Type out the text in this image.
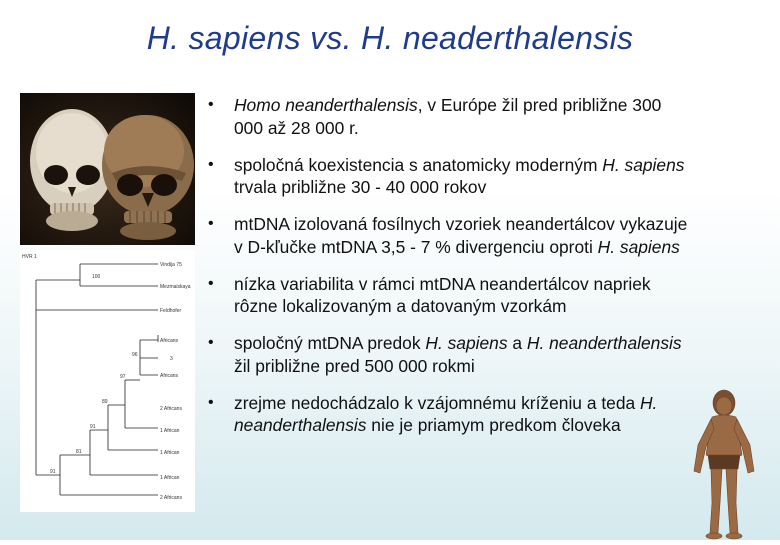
H. sapiens vs. H. neaderthalensis
HVR 1
Vindija 75
Mezmaiskaya
Feldhofer
Africans
3
Africans
2 Africans
1 African
1 African
1 African
2 Africans
100
96
97
89
91
81
91
• Homo neanderthalensis, v Európe žil pred približne 300 000 až 28 000 r.
• spoločná koexistencia s anatomicky moderným H. sapiens trvala približne 30 - 40 000 rokov
• mtDNA izolovaná fosílnych vzoriek neandertálcov vykazuje v D-kľučke mtDNA 3,5 - 7 % divergenciu oproti H. sapiens
• nízka variabilita v rámci mtDNA neandertálcov napriek rôzne lokalizovaným a datovaným vzorkám
• spoločný mtDNA predok H. sapiens a H. neanderthalensis žil približne pred 500 000 rokmi
• zrejme nedochádzalo k vzájomnému kríženiu a teda H. neanderthalensis nie je priamym predkom človeka
